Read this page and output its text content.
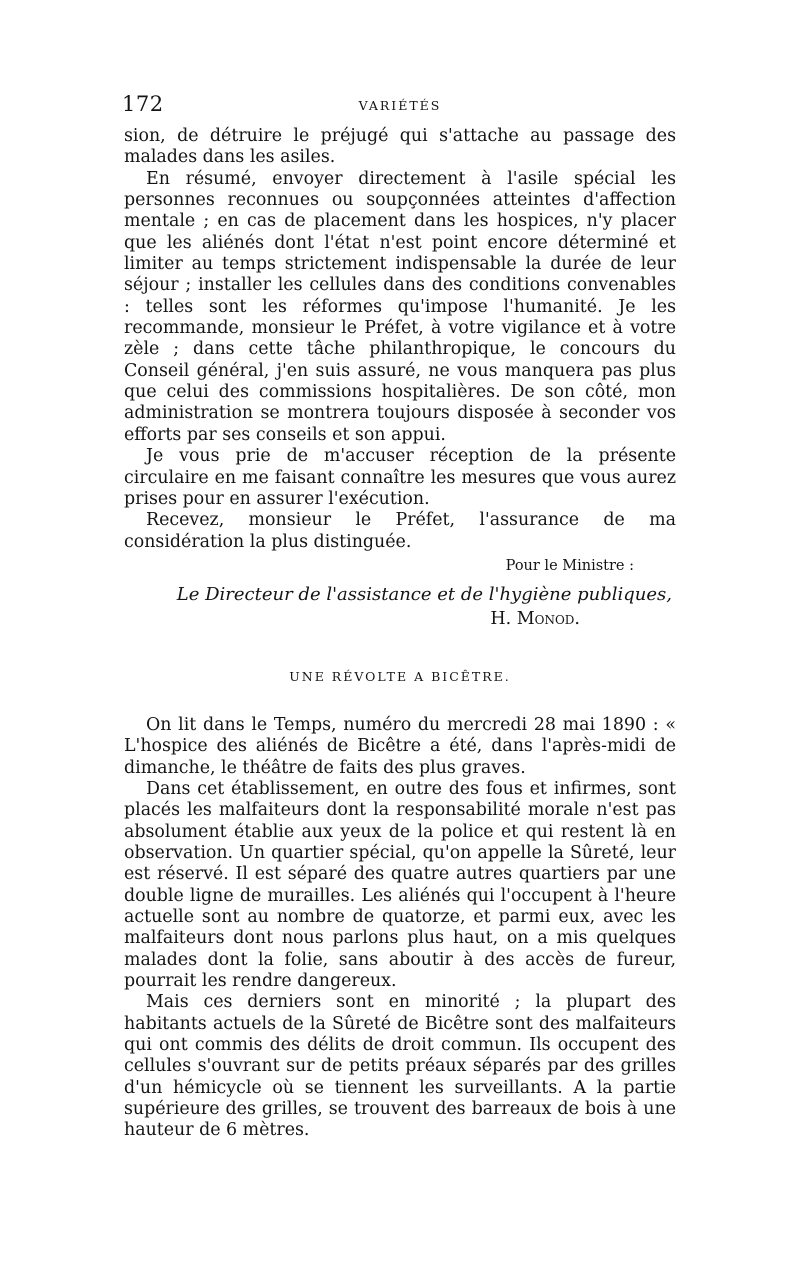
172	VARIÉTÉS

sion, de détruire le préjugé qui s'attache au passage des malades dans les asiles.

En résumé, envoyer directement à l'asile spécial les personnes reconnues ou soupçonnées atteintes d'affection mentale ; en cas de placement dans les hospices, n'y placer que les aliénés dont l'état n'est point encore déterminé et limiter au temps strictement indispensable la durée de leur séjour ; installer les cellules dans des conditions convenables : telles sont les réformes qu'impose l'humanité. Je les recommande, monsieur le Préfet, à votre vigilance et à votre zèle ; dans cette tâche philanthropique, le concours du Conseil général, j'en suis assuré, ne vous manquera pas plus que celui des commissions hospitalières. De son côté, mon administration se montrera toujours disposée à seconder vos efforts par ses conseils et son appui.

Je vous prie de m'accuser réception de la présente circulaire en me faisant connaître les mesures que vous aurez prises pour en assurer l'exécution.

Recevez, monsieur le Préfet, l'assurance de ma considération la plus distinguée.

Pour le Ministre :
Le Directeur de l'assistance et de l'hygiène publiques,
H. Monod.
UNE RÉVOLTE A BICÊTRE.

On lit dans le Temps, numéro du mercredi 28 mai 1890 : « L'hospice des aliénés de Bicêtre a été, dans l'après-midi de dimanche, le théâtre de faits des plus graves.

Dans cet établissement, en outre des fous et infirmes, sont placés les malfaiteurs dont la responsabilité morale n'est pas absolument établie aux yeux de la police et qui restent là en observation. Un quartier spécial, qu'on appelle la Sûreté, leur est réservé. Il est séparé des quatre autres quartiers par une double ligne de murailles. Les aliénés qui l'occupent à l'heure actuelle sont au nombre de quatorze, et parmi eux, avec les malfaiteurs dont nous parlons plus haut, on a mis quelques malades dont la folie, sans aboutir à des accès de fureur, pourrait les rendre dangereux.

Mais ces derniers sont en minorité ; la plupart des habitants actuels de la Sûreté de Bicêtre sont des malfaiteurs qui ont commis des délits de droit commun. Ils occupent des cellules s'ouvrant sur de petits préaux séparés par des grilles d'un hémicycle où se tiennent les surveillants. A la partie supérieure des grilles, se trouvent des barreaux de bois à une hauteur de 6 mètres.
